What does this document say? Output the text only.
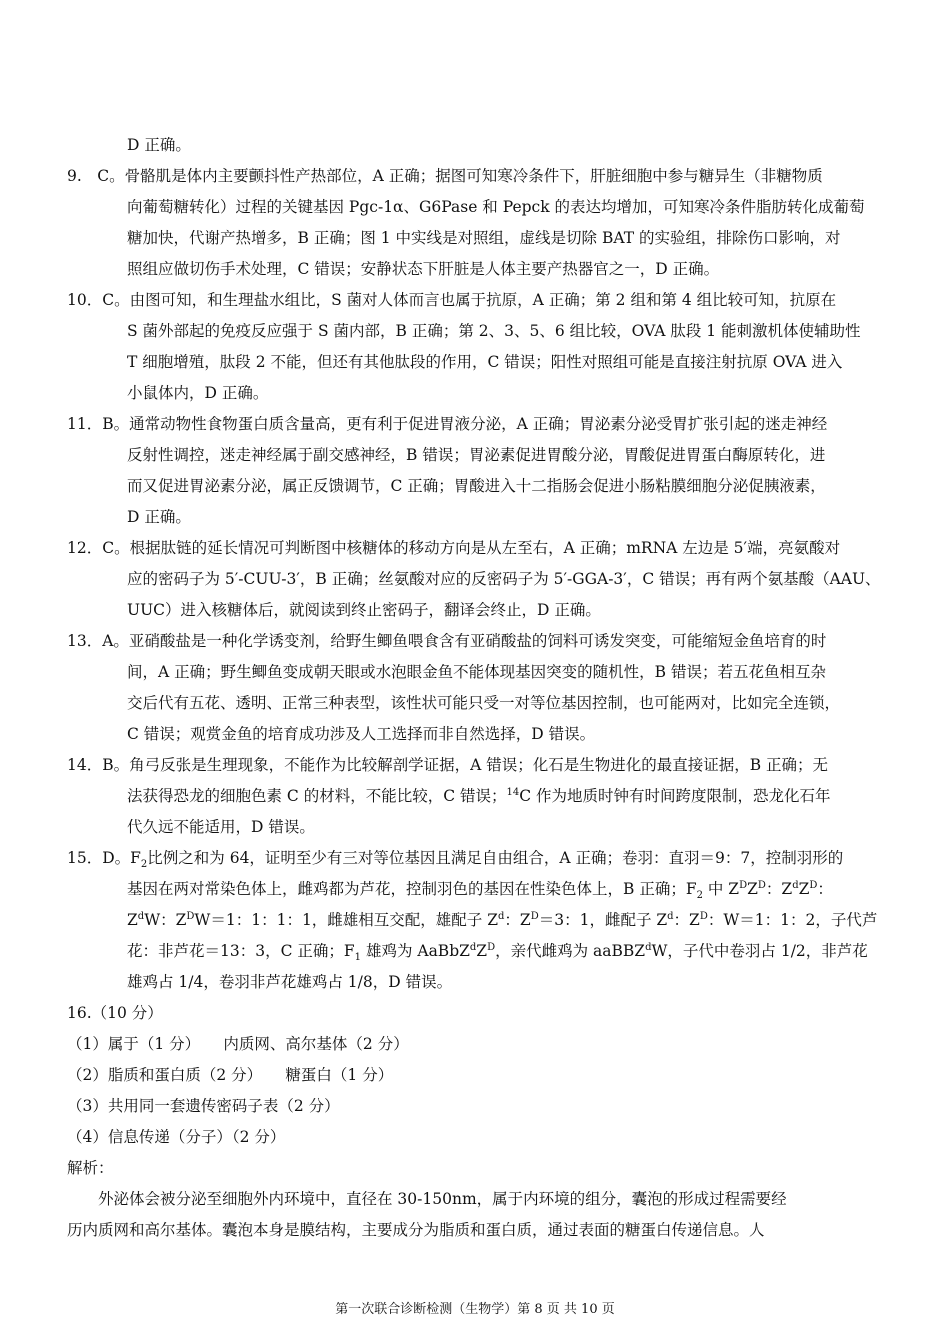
D 正确。
9.　C。骨骼肌是体内主要颤抖性产热部位，A 正确；据图可知寒冷条件下，肝脏细胞中参与糖异生（非糖物质
向葡萄糖转化）过程的关键基因 Pgc-1α、G6Pase 和 Pepck 的表达均增加，可知寒冷条件脂肪转化成葡萄
糖加快，代谢产热增多，B 正确；图 1 中实线是对照组，虚线是切除 BAT 的实验组，排除伤口影响，对
照组应做切伤手术处理，C 错误；安静状态下肝脏是人体主要产热器官之一，D 正确。
10．C。由图可知，和生理盐水组比，S 菌对人体而言也属于抗原，A 正确；第 2 组和第 4 组比较可知，抗原在
S 菌外部起的免疫反应强于 S 菌内部，B 正确；第 2、3、5、6 组比较，OVA 肽段 1 能刺激机体使辅助性
T 细胞增殖，肽段 2 不能，但还有其他肽段的作用，C 错误；阳性对照组可能是直接注射抗原 OVA 进入
小鼠体内，D 正确。
11．B。通常动物性食物蛋白质含量高，更有利于促进胃液分泌，A 正确；胃泌素分泌受胃扩张引起的迷走神经
反射性调控，迷走神经属于副交感神经，B 错误；胃泌素促进胃酸分泌，胃酸促进胃蛋白酶原转化，进
而又促进胃泌素分泌，属正反馈调节，C 正确；胃酸进入十二指肠会促进小肠粘膜细胞分泌促胰液素，
D 正确。
12．C。根据肽链的延长情况可判断图中核糖体的移动方向是从左至右，A 正确；mRNA 左边是 5′端，亮氨酸对
应的密码子为 5′-CUU-3′，B 正确；丝氨酸对应的反密码子为 5′-GGA-3′，C 错误；再有两个氨基酸（AAU、
UUC）进入核糖体后，就阅读到终止密码子，翻译会终止，D 正确。
13．A。亚硝酸盐是一种化学诱变剂，给野生鲫鱼喂食含有亚硝酸盐的饲料可诱发突变，可能缩短金鱼培育的时
间，A 正确；野生鲫鱼变成朝天眼或水泡眼金鱼不能体现基因突变的随机性，B 错误；若五花鱼相互杂
交后代有五花、透明、正常三种表型，该性状可能只受一对等位基因控制，也可能两对，比如完全连锁，
C 错误；观赏金鱼的培育成功涉及人工选择而非自然选择，D 错误。
14．B。角弓反张是生理现象，不能作为比较解剖学证据，A 错误；化石是生物进化的最直接证据，B 正确；无
法获得恐龙的细胞色素 C 的材料，不能比较，C 错误；$^{14}$C 作为地质时钟有时间跨度限制，恐龙化石年
代久远不能适用，D 错误。
15．D。$F_2$比例之和为 64，证明至少有三对等位基因且满足自由组合，A 正确；卷羽：直羽＝9：7，控制羽形的
基因在两对常染色体上，雌鸡都为芦花，控制羽色的基因在性染色体上，B 正确；$F_2$ 中 $Z^DZ^D$：$Z^dZ^D$：
$Z^dW$：$Z^DW=1$：1：1：1，雌雄相互交配，雄配子 $Z^d$：$Z^D=3$：1，雌配子 $Z^d$：$Z^D$：W＝1：1：2，子代芦
花：非芦花＝13：3，C 正确；$F_1$ 雄鸡为 $AaBbZ^dZ^D$，亲代雌鸡为 aaBBZ$^d$W，子代中卷羽占 1/2，非芦花
雄鸡占 1/4，卷羽非芦花雄鸡占 1/8，D 错误。
16.（10 分）
（1）属于（1 分）　　内质网、高尔基体（2 分）
（2）脂质和蛋白质（2 分）　　糖蛋白（1 分）
（3）共用同一套遗传密码子表（2 分）
（4）信息传递（分子）（2 分）
解析：
外泌体会被分泌至细胞外内环境中，直径在 30-150nm，属于内环境的组分，囊泡的形成过程需要经
历内质网和高尔基体。囊泡本身是膜结构，主要成分为脂质和蛋白质，通过表面的糖蛋白传递信息。人
第一次联合诊断检测（生物学）第 8 页 共 10 页
